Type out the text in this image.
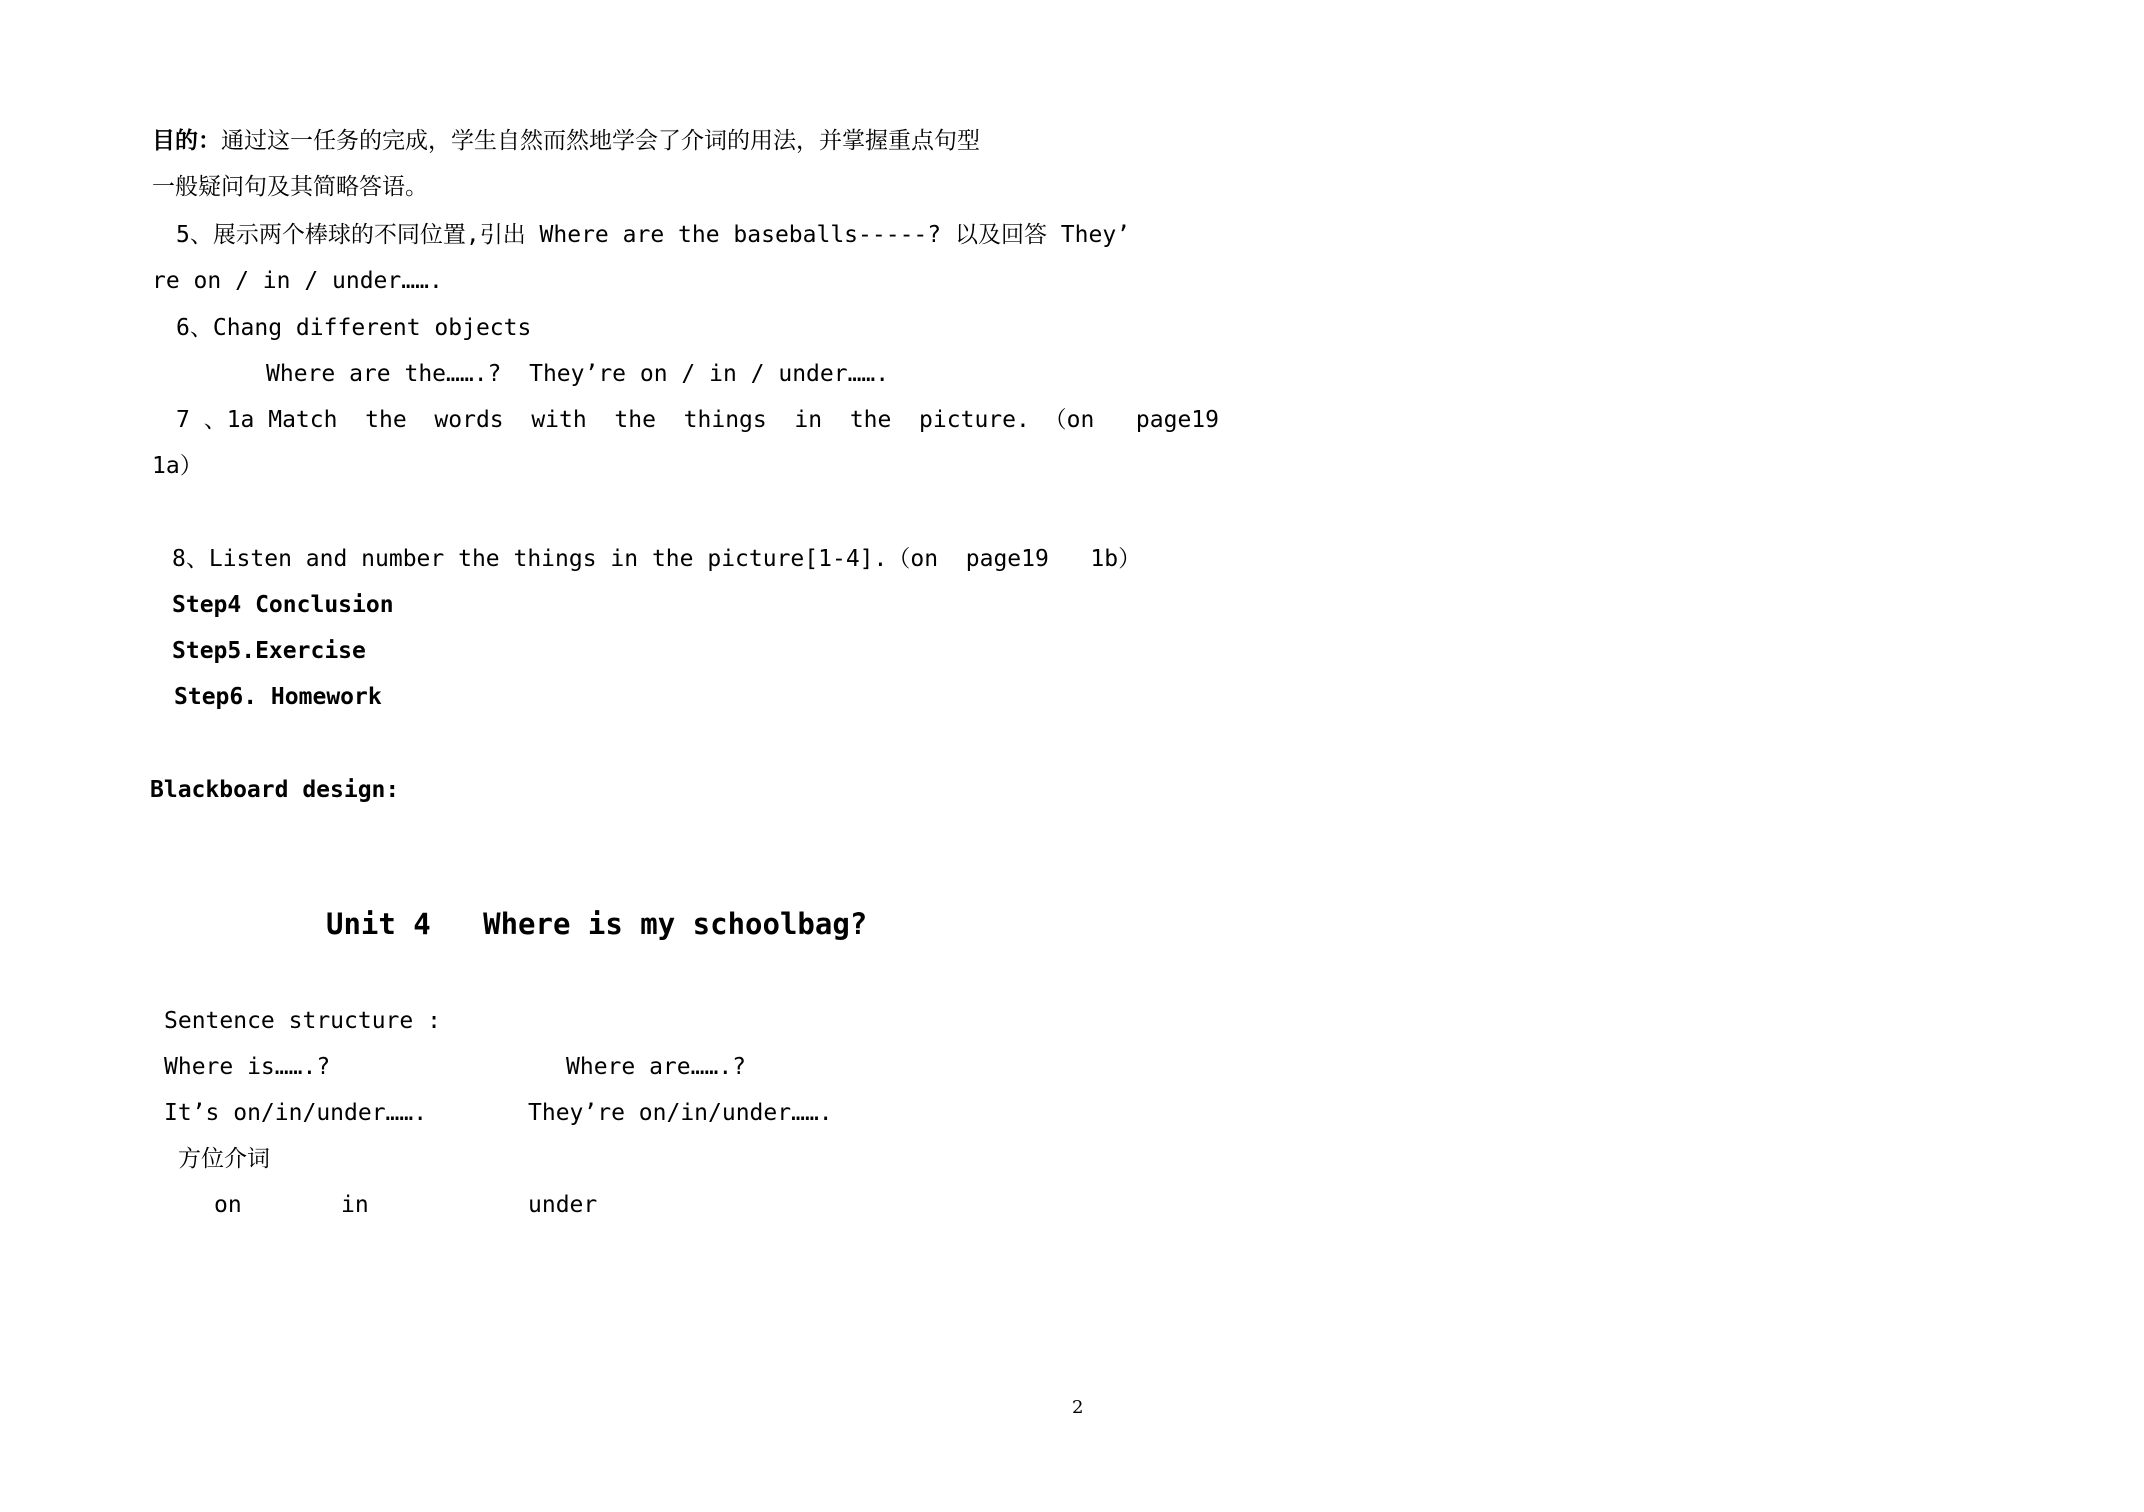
目的：通过这一任务的完成，学生自然而然地学会了介词的用法，并掌握重点句型
一般疑问句及其简略答语。
5、展示两个棒球的不同位置,引出 Where are the baseballs-----? 以及回答 They’
re on / in / under…….
6、Chang different objects
Where are the…….?  They’re on / in / under…….
7 、1a Match  the  words  with  the  things  in  the  picture. （on   page19
1a）
8、Listen and number the things in the picture[1-4].（on  page19   1b）
Step4 Conclusion
Step5.Exercise
Step6. Homework
Blackboard design:
Unit 4   Where is my schoolbag?
Sentence structure :
Where is…….?	Where are…….?
It’s on/in/under…….	They’re on/in/under…….
方位介词
on	in	under
2
